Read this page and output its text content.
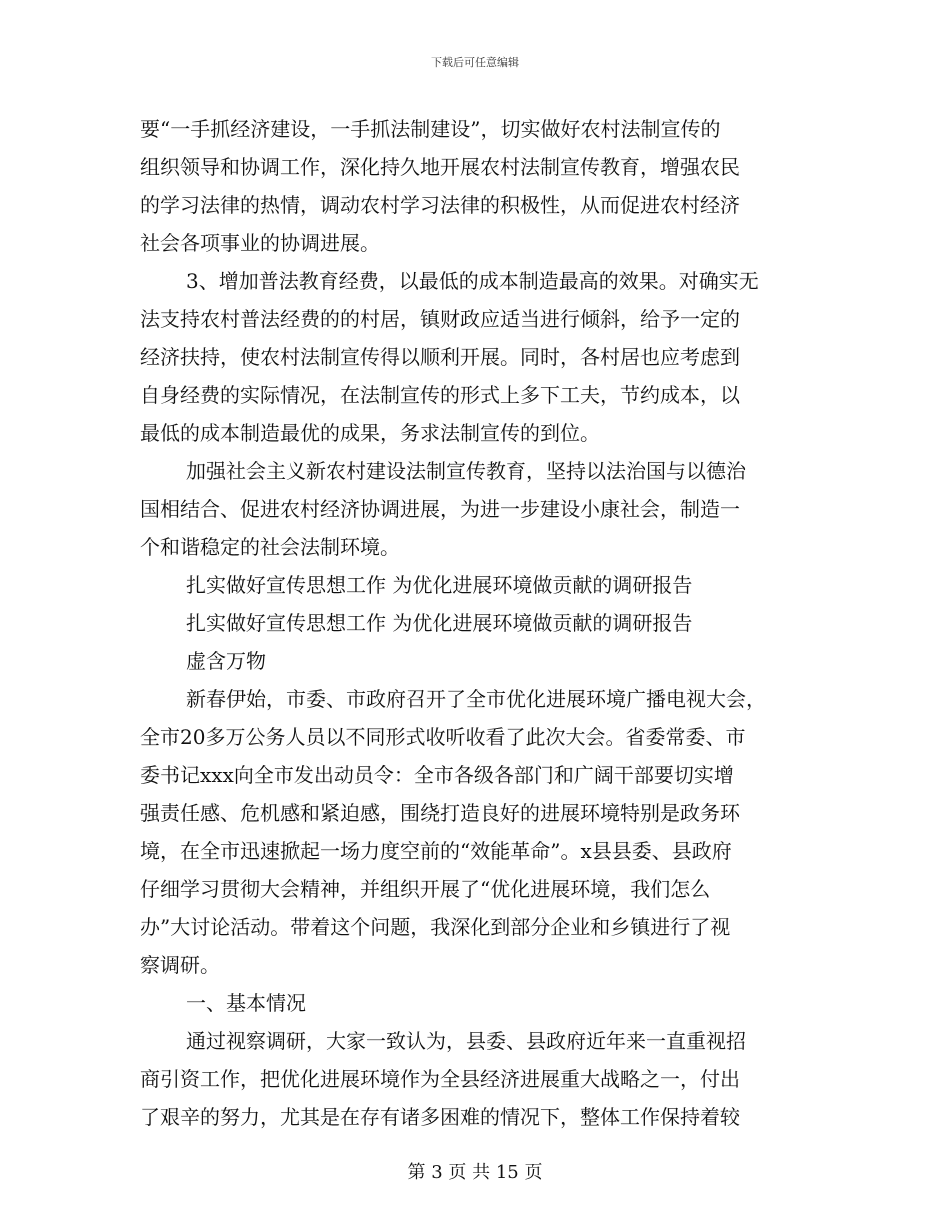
下载后可任意编辑
要“一手抓经济建设，一手抓法制建设”，切实做好农村法制宣传的
组织领导和协调工作，深化持久地开展农村法制宣传教育，增强农民
的学习法律的热情，调动农村学习法律的积极性，从而促进农村经济
社会各项事业的协调进展。
3、增加普法教育经费，以最低的成本制造最高的效果。对确实无
法支持农村普法经费的的村居，镇财政应适当进行倾斜，给予一定的
经济扶持，使农村法制宣传得以顺利开展。同时，各村居也应考虑到
自身经费的实际情况，在法制宣传的形式上多下工夫，节约成本，以
最低的成本制造最优的成果，务求法制宣传的到位。
加强社会主义新农村建设法制宣传教育，坚持以法治国与以德治
国相结合、促进农村经济协调进展，为进一步建设小康社会，制造一
个和谐稳定的社会法制环境。
扎实做好宣传思想工作 为优化进展环境做贡献的调研报告
扎实做好宣传思想工作 为优化进展环境做贡献的调研报告
虚含万物
新春伊始，市委、市政府召开了全市优化进展环境广播电视大会，
全市20多万公务人员以不同形式收听收看了此次大会。省委常委、市
委书记xxx向全市发出动员令：全市各级各部门和广阔干部要切实增
强责任感、危机感和紧迫感，围绕打造良好的进展环境特别是政务环
境，在全市迅速掀起一场力度空前的“效能革命”。x县县委、县政府
仔细学习贯彻大会精神，并组织开展了“优化进展环境，我们怎么
办”大讨论活动。带着这个问题，我深化到部分企业和乡镇进行了视
察调研。
一、基本情况
通过视察调研，大家一致认为，县委、县政府近年来一直重视招
商引资工作，把优化进展环境作为全县经济进展重大战略之一，付出
了艰辛的努力，尤其是在存有诸多困难的情况下，整体工作保持着较
第 3 页 共 15 页
